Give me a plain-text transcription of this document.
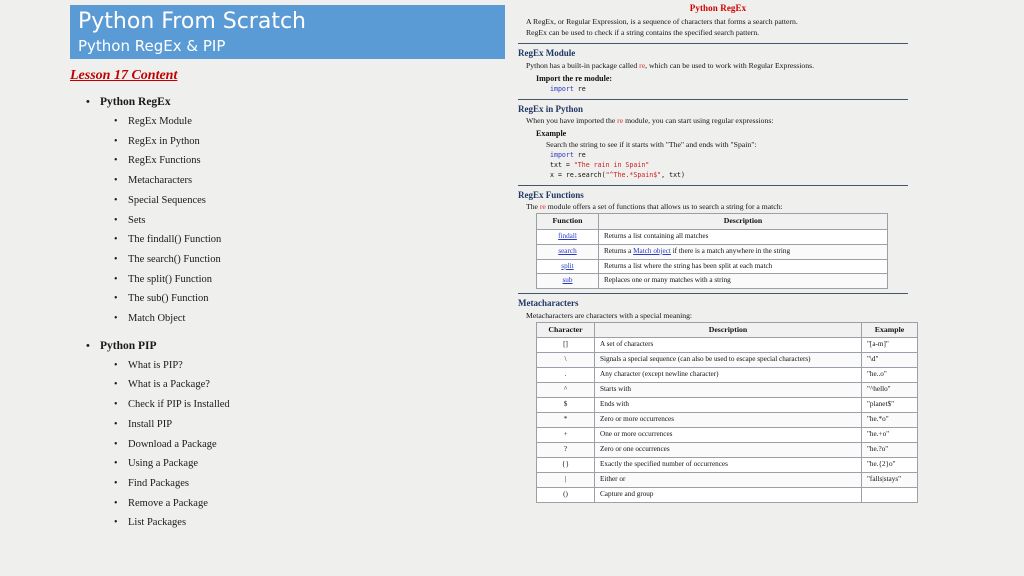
Python From Scratch
Python RegEx & PIP
Lesson 17 Content
• Python RegEx
• RegEx Module
• RegEx in Python
• RegEx Functions
• Metacharacters
• Special Sequences
• Sets
• The findall() Function
• The search() Function
• The split() Function
• The sub() Function
• Match Object
• Python PIP
• What is PIP?
• What is a Package?
• Check if PIP is Installed
• Install PIP
• Download a Package
• Using a Package
• Find Packages
• Remove a Package
• List Packages
Python RegEx
A RegEx, or Regular Expression, is a sequence of characters that forms a search pattern.
RegEx can be used to check if a string contains the specified search pattern.
RegEx Module
Python has a built-in package called re, which can be used to work with Regular Expressions.
Import the re module:
import re
RegEx in Python
When you have imported the re module, you can start using regular expressions:
Example
Search the string to see if it starts with "The" and ends with "Spain":
import re
txt = "The rain in Spain"
x = re.search("^The.*Spain$", txt)
RegEx Functions
The re module offers a set of functions that allows us to search a string for a match:
Function	Description
findall	Returns a list containing all matches
search	Returns a Match object if there is a match anywhere in the string
split	Returns a list where the string has been split at each match
sub	Replaces one or many matches with a string
Metacharacters
Metacharacters are characters with a special meaning:
Character	Description	Example
[]	A set of characters	"[a-m]"
\	Signals a special sequence (can also be used to escape special characters)	"\d"
.	Any character (except newline character)	"he..o"
^	Starts with	"^hello"
$	Ends with	"planet$"
*	Zero or more occurrences	"he.*o"
+	One or more occurrences	"he.+o"
?	Zero or one occurrences	"he.?o"
{}	Exactly the specified number of occurrences	"he.{2}o"
|	Either or	"falls|stays"
()	Capture and group	
